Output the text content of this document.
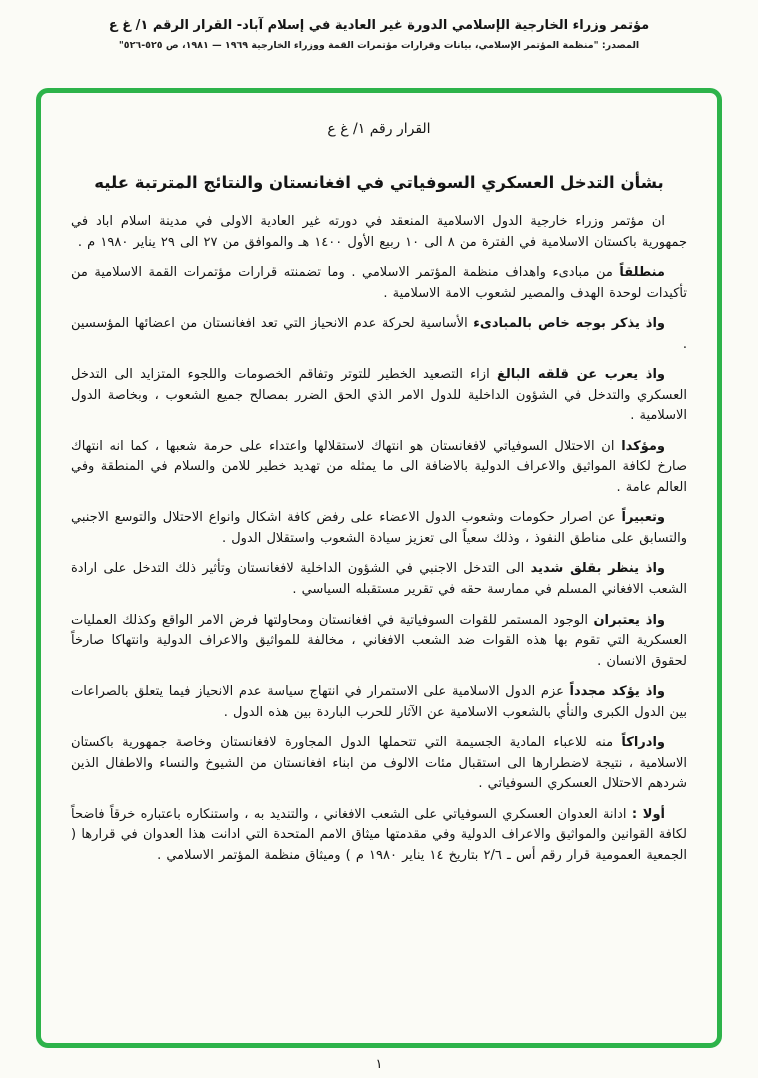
مؤتمر وزراء الخارجية الإسلامي الدورة غير العادية في إسلام آباد- القرار الرقم ١/ غ ع
المصدر: "منظمة المؤتمر الإسلامي، بيانات وقرارات مؤتمرات القمة ووزراء الخارجية ١٩٦٩ — ١٩٨١، ص ٥٢٥-٥٢٦"
القرار رقم ١/ غ ع
بشأن التدخل العسكري السوفياتي في افغانستان والنتائج المترتبة عليه

ان مؤتمر وزراء خارجية الدول الاسلامية المنعقد في دورته غير العادية الاولى في مدينة اسلام اباد في جمهورية باكستان الاسلامية في الفترة من ٨ الى ١٠ ربيع الأول ١٤٠٠ هـ والموافق من ٢٧ الى ٢٩ يناير ١٩٨٠ م .

منطلقاً من مبادىء واهداف منظمة المؤتمر الاسلامي . وما تضمنته قرارات مؤتمرات القمة الاسلامية من تأكيدات لوحدة الهدف والمصير لشعوب الامة الاسلامية .

واذ يذكر بوجه خاص بالمبادىء الأساسية لحركة عدم الانحياز التي تعد افغانستان من اعضائها المؤسسين .

واذ يعرب عن قلقه البالغ ازاء التصعيد الخطير للتوتر وتفاقم الخصومات واللجوء المتزايد الى التدخل العسكري والتدخل في الشؤون الداخلية للدول الامر الذي الحق الضرر بمصالح جميع الشعوب ، وبخاصة الدول الاسلامية .

ومؤكدا ان الاحتلال السوفياتي لافغانستان هو انتهاك لاستقلالها واعتداء على حرمة شعبها ، كما انه انتهاك صارخ لكافة المواثيق والاعراف الدولية بالاضافة الى ما يمثله من تهديد خطير للامن والسلام في المنطقة وفي العالم عامة .

وتعبيراً عن اصرار حكومات وشعوب الدول الاعضاء على رفض كافة اشكال وانواع الاحتلال والتوسع الاجنبي والتسابق على مناطق النفوذ ، وذلك سعياً الى تعزيز سيادة الشعوب واستقلال الدول .

واذ ينظر بقلق شديد الى التدخل الاجنبي في الشؤون الداخلية لافغانستان وتأثير ذلك التدخل على ارادة الشعب الافغاني المسلم في ممارسة حقه في تقرير مستقبله السياسي .

واذ يعتبران الوجود المستمر للقوات السوفياتية في افغانستان ومحاولتها فرض الامر الواقع وكذلك العمليات العسكرية التي تقوم بها هذه القوات ضد الشعب الافغاني ، مخالفة للمواثيق والاعراف الدولية وانتهاكا صارخاً لحقوق الانسان .

واذ يؤكد مجدداً عزم الدول الاسلامية على الاستمرار في انتهاج سياسة عدم الانحياز فيما يتعلق بالصراعات بين الدول الكبرى والنأي بالشعوب الاسلامية عن الآثار للحرب الباردة بين هذه الدول .

وادراكاً منه للاعباء المادية الجسيمة التي تتحملها الدول المجاورة لافغانستان وخاصة جمهورية باكستان الاسلامية ، نتيجة لاضطرارها الى استقبال مئات الالوف من ابناء افغانستان من الشيوخ والنساء والاطفال الذين شردهم الاحتلال العسكري السوفياتي .

أولا : ادانة العدوان العسكري السوفياتي على الشعب الافغاني ، والتنديد به ، واستنكاره باعتباره خرقاً فاضحاً لكافة القوانين والمواثيق والاعراف الدولية وفي مقدمتها ميثاق الامم المتحدة التي ادانت هذا العدوان في قرارها ( الجمعية العمومية قرار رقم أس ـ ٢/٦ بتاريخ ١٤ يناير ١٩٨٠ م ) وميثاق منظمة المؤتمر الاسلامي .

١
